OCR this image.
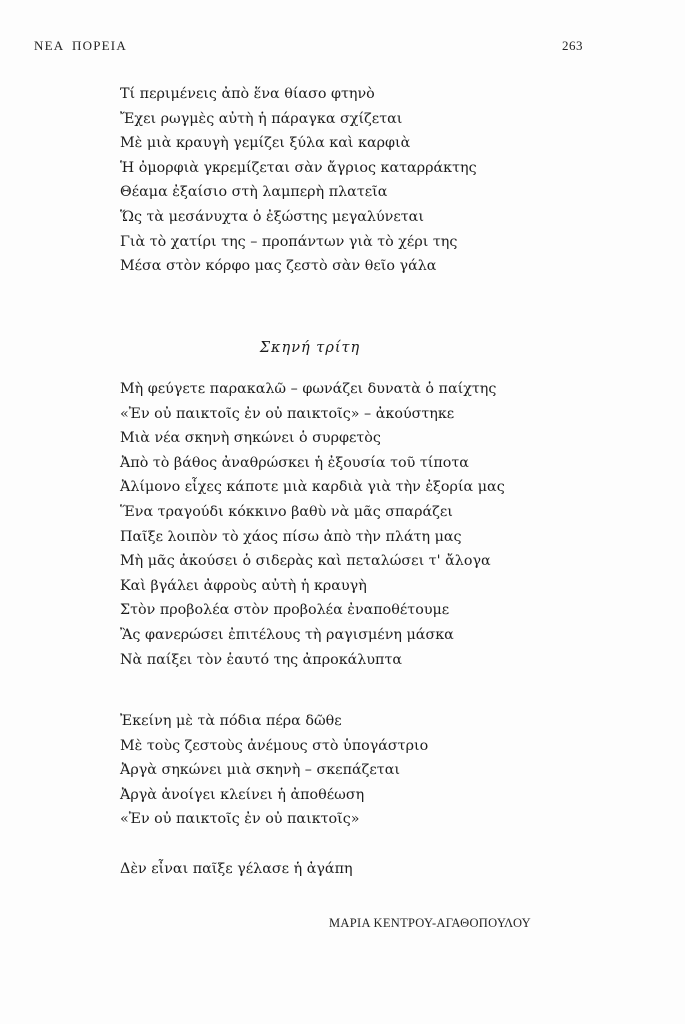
ΝΕΑ ΠΟΡΕΙΑ	263
Τί περιμένεις ἀπὸ ἕνα θίασο φτηνὸ
Ἔχει ρωγμὲς αὐτὴ ἡ πάραγκα σχίζεται
Μὲ μιὰ κραυγὴ γεμίζει ξύλα καὶ καρφιὰ
Ἡ ὀμορφιὰ γκρεμίζεται σὰν ἄγριος καταρράκτης
Θέαμα ἐξαίσιο στὴ λαμπερὴ πλατεῖα
Ὥς τὰ μεσάνυχτα ὁ ἐξώστης μεγαλύνεται
Γιὰ τὸ χατίρι της – προπάντων γιὰ τὸ χέρι της
Μέσα στὸν κόρφο μας ζεστὸ σὰν θεῖο γάλα
Σκηνή τρίτη
Μὴ φεύγετε παρακαλῶ – φωνάζει δυνατὰ ὁ παίχτης
«Ἐν οὐ παικτοῖς ἐν οὐ παικτοῖς» – ἀκούστηκε
Μιὰ νέα σκηνὴ σηκώνει ὁ συρφετὸς
Ἀπὸ τὸ βάθος ἀναθρώσκει ἡ ἐξουσία τοῦ τίποτα
Ἀλίμονο εἶχες κάποτε μιὰ καρδιὰ γιὰ τὴν ἐξορία μας
Ἕνα τραγούδι κόκκινο βαθὺ νὰ μᾶς σπαράζει
Παῖξε λοιπὸν τὸ χάος πίσω ἀπὸ τὴν πλάτη μας
Μὴ μᾶς ἀκούσει ὁ σιδερὰς καὶ πεταλώσει τ' ἄλογα
Καὶ βγάλει ἀφροὺς αὐτὴ ἡ κραυγὴ
Στὸν προβολέα στὸν προβολέα ἐναποθέτουμε
Ἂς φανερώσει ἐπιτέλους τὴ ραγισμένη μάσκα
Νὰ παίξει τὸν ἑαυτό της ἀπροκάλυπτα
Ἐκείνη μὲ τὰ πόδια πέρα δῶθε
Μὲ τοὺς ζεστοὺς ἀνέμους στὸ ὑπογάστριο
Ἀργὰ σηκώνει μιὰ σκηνὴ – σκεπάζεται
Ἀργὰ ἀνοίγει κλείνει ἡ ἀποθέωση
«Ἐν οὐ παικτοῖς ἐν οὐ παικτοῖς»
Δὲν εἶναι παῖξε γέλασε ἡ ἀγάπη
ΜΑΡΙΑ ΚΕΝΤΡΟΥ-ΑΓΑΘΟΠΟΥΛΟΥ
